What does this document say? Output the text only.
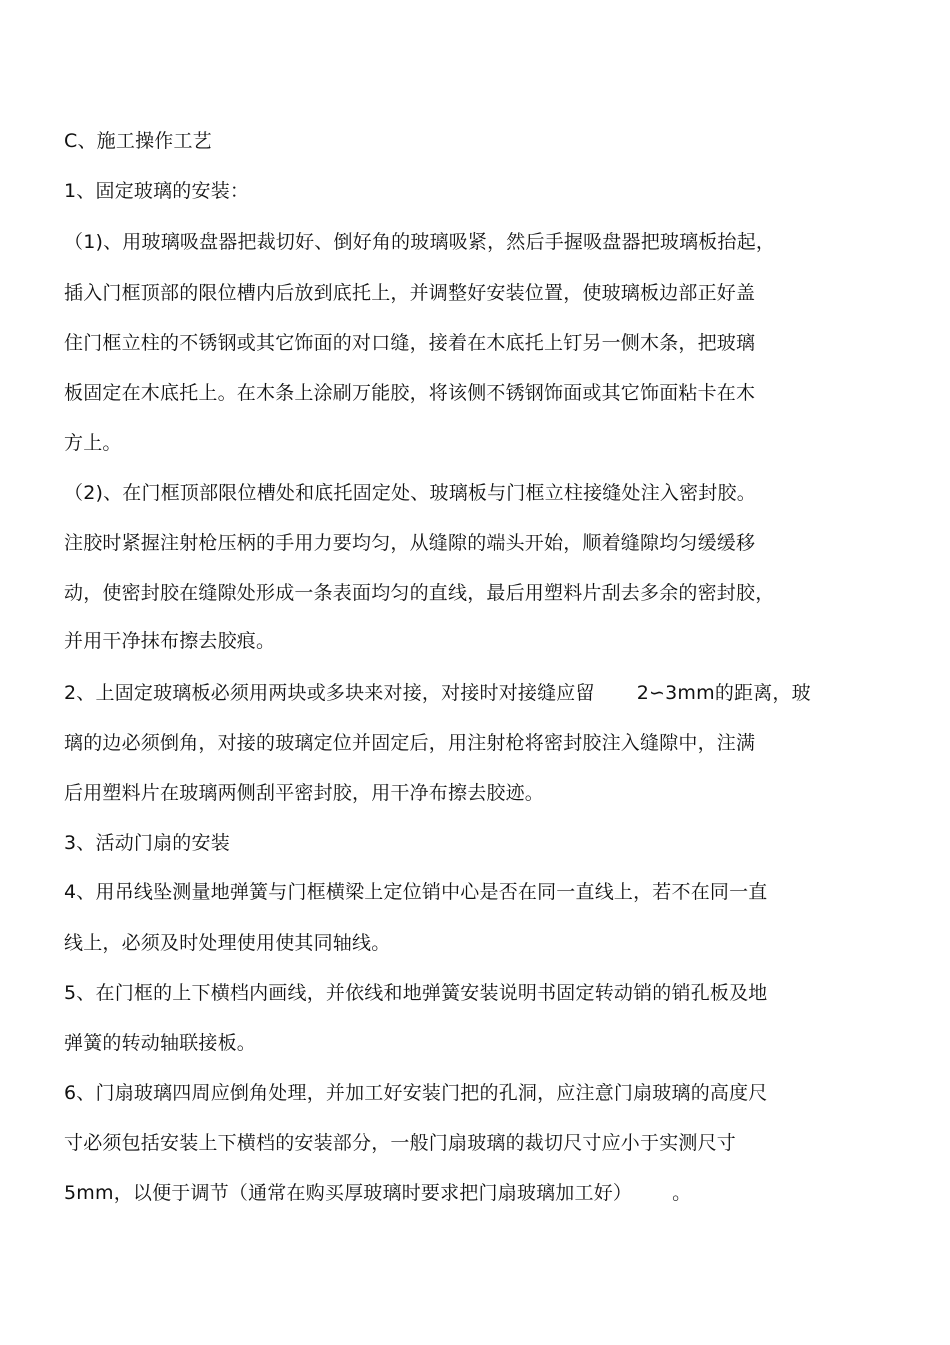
C、施工操作工艺
1、固定玻璃的安装：
（1)、用玻璃吸盘器把裁切好、倒好角的玻璃吸紧，然后手握吸盘器把玻璃板抬起，
插入门框顶部的限位槽内后放到底托上，并调整好安装位置，使玻璃板边部正好盖
住门框立柱的不锈钢或其它饰面的对口缝，接着在木底托上钉另一侧木条，把玻璃
板固定在木底托上。在木条上涂刷万能胶，将该侧不锈钢饰面或其它饰面粘卡在木
方上。
（2)、在门框顶部限位槽处和底托固定处、玻璃板与门框立柱接缝处注入密封胶。
注胶时紧握注射枪压柄的手用力要均匀，从缝隙的端头开始，顺着缝隙均匀缓缓移
动，使密封胶在缝隙处形成一条表面均匀的直线，最后用塑料片刮去多余的密封胶，
并用干净抹布擦去胶痕。
2、上固定玻璃板必须用两块或多块来对接，对接时对接缝应留 2∽3mm的距离，玻
璃的边必须倒角，对接的玻璃定位并固定后，用注射枪将密封胶注入缝隙中，注满
后用塑料片在玻璃两侧刮平密封胶，用干净布擦去胶迹。
3、活动门扇的安装
4、用吊线坠测量地弹簧与门框横梁上定位销中心是否在同一直线上，若不在同一直
线上，必须及时处理使用使其同轴线。
5、在门框的上下横档内画线，并依线和地弹簧安装说明书固定转动销的销孔板及地
弹簧的转动轴联接板。
6、门扇玻璃四周应倒角处理，并加工好安装门把的孔洞，应注意门扇玻璃的高度尺
寸必须包括安装上下横档的安装部分，一般门扇玻璃的裁切尺寸应小于实测尺寸
5mm，以便于调节（通常在购买厚玻璃时要求把门扇玻璃加工好） 。
